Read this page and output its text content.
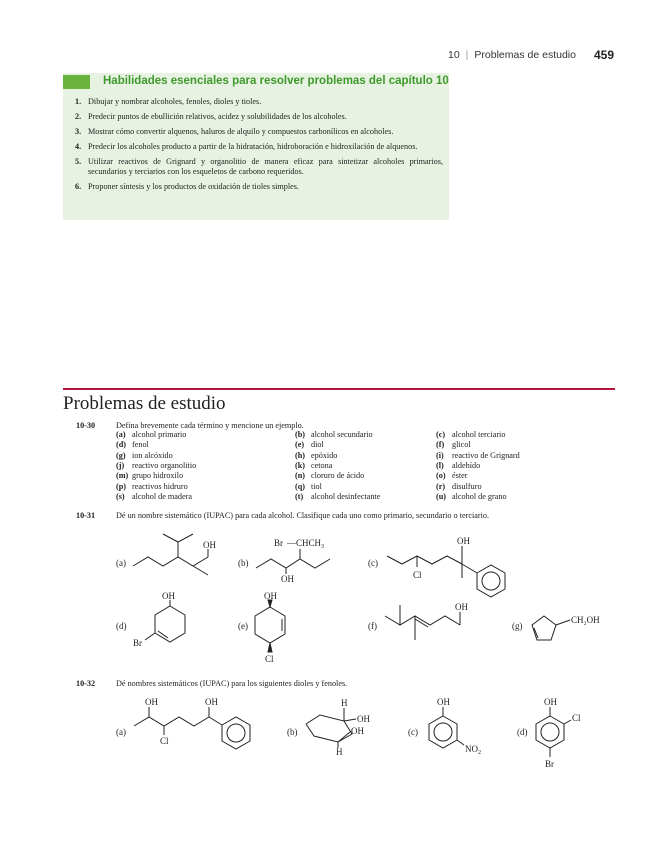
10 | Problemas de estudio 459
Habilidades esenciales para resolver problemas del capítulo 10
1. Dibujar y nombrar alcoholes, fenoles, dioles y tioles.
2. Predecir puntos de ebullición relativos, acidez y solubilidades de los alcoholes.
3. Mostrar cómo convertir alquenos, haluros de alquilo y compuestos carbonílicos en alcoholes.
4. Predecir los alcoholes producto a partir de la hidratación, hidroboración e hidroxilación de alquenos.
5. Utilizar reactivos de Grignard y organolitio de manera eficaz para sintetizar alcoholes primarios, secundarios y terciarios con los esqueletos de carbono requeridos.
6. Proponer síntesis y los productos de oxidación de tioles simples.
Problemas de estudio
10-30	Defina brevemente cada término y mencione un ejemplo.
(a) alcohol primario	(b) alcohol secundario	(c) alcohol terciario
(d) fenol	(e) diol	(f) glicol
(g) ion alcóxido	(h) epóxido	(i) reactivo de Grignard
(j) reactivo organolitio	(k) cetona	(l) aldehído
(m) grupo hidroxilo	(n) cloruro de ácido	(o) éster
(p) reactivos hidruro	(q) tiol	(r) disulfuro
(s) alcohol de madera	(t) alcohol desinfectante	(u) alcohol de grano
10-31	Dé un nombre sistemático (IUPAC) para cada alcohol. Clasifique cada uno como primario, secundario o terciario.
10-32	Dé nombres sistemáticos (IUPAC) para los siguientes dioles y fenoles.
(a)
OH
(b)
Br $—CHCH_3$
OH
(c)
Cl
OH
(d)
OH
Br
(e)
OH
Cl
(f)
OH
(g)
CH₂OH
(a)
OH
Cl
OH
(b)
H
OH
H
OH	(c)
OH
$NO_2$
(d)
OH
Cl
Br
